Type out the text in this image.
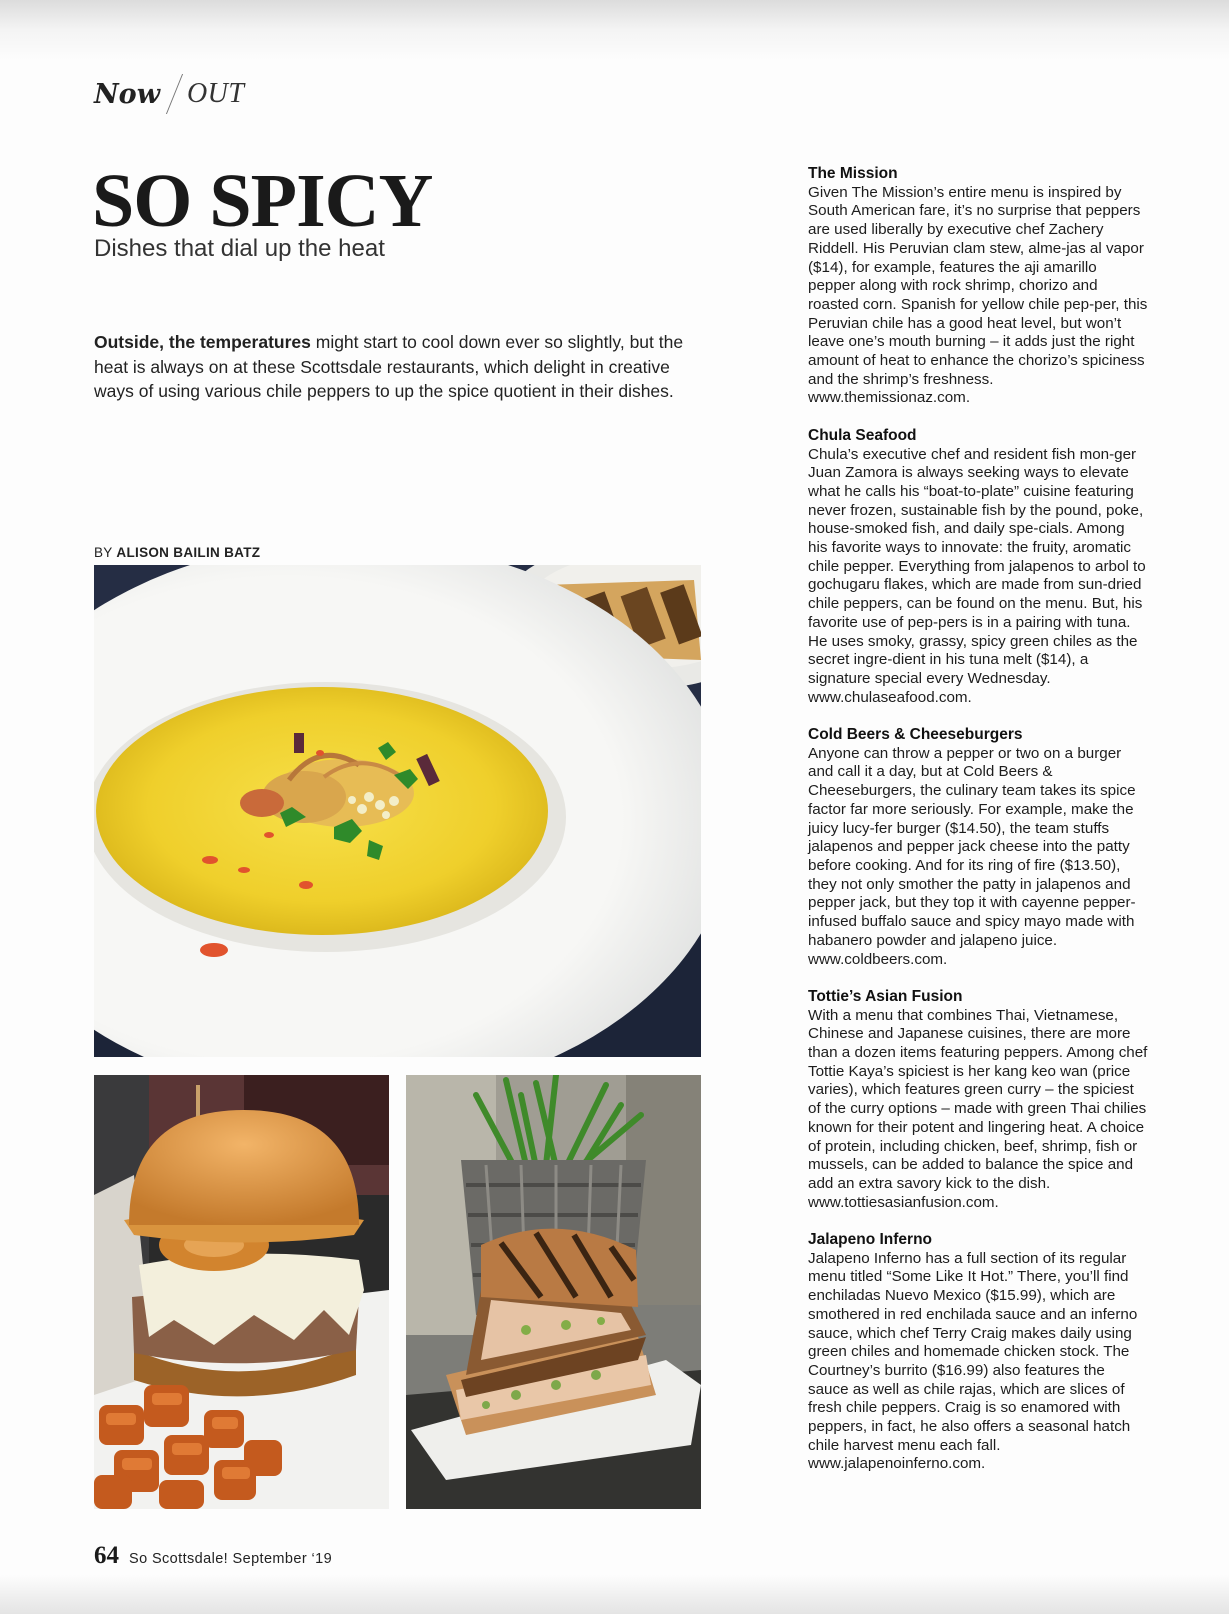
Now OUT
SO SPICY
Dishes that dial up the heat

Outside, the temperatures might start to cool down ever so slightly, but the heat is always on at these Scottsdale restaurants, which delight in creative ways of using various chile peppers to up the spice quotient in their dishes.

BY ALISON BAILIN BATZ
The Mission

Given The Mission’s entire menu is inspired by South American fare, it’s no surprise that peppers are used liberally by executive chef Zachery Riddell. His Peruvian clam stew, alme-jas al vapor ($14), for example, features the aji amarillo pepper along with rock shrimp, chorizo and roasted corn. Spanish for yellow chile pep-per, this Peruvian chile has a good heat level, but won’t leave one’s mouth burning – it adds just the right amount of heat to enhance the chorizo’s spiciness and the shrimp’s freshness. www.themissionaz.com.

Chula Seafood

Chula’s executive chef and resident fish mon-ger Juan Zamora is always seeking ways to elevate what he calls his “boat-to-plate” cuisine featuring never frozen, sustainable fish by the pound, poke, house-smoked fish, and daily spe-cials. Among his favorite ways to innovate: the fruity, aromatic chile pepper. Everything from jalapenos to arbol to gochugaru flakes, which are made from sun-dried chile peppers, can be found on the menu. But, his favorite use of pep-pers is in a pairing with tuna. He uses smoky, grassy, spicy green chiles as the secret ingre-dient in his tuna melt ($14), a signature special every Wednesday. www.chulaseafood.com.

Cold Beers & Cheeseburgers

Anyone can throw a pepper or two on a burger and call it a day, but at Cold Beers & Cheeseburgers, the culinary team takes its spice factor far more seriously. For example, make the juicy lucy-fer burger ($14.50), the team stuffs jalapenos and pepper jack cheese into the patty before cooking. And for its ring of fire ($13.50), they not only smother the patty in jalapenos and pepper jack, but they top it with cayenne pepper-infused buffalo sauce and spicy mayo made with habanero powder and jalapeno juice. www.coldbeers.com.

Tottie’s Asian Fusion

With a menu that combines Thai, Vietnamese, Chinese and Japanese cuisines, there are more than a dozen items featuring peppers. Among chef Tottie Kaya’s spiciest is her kang keo wan (price varies), which features green curry – the spiciest of the curry options – made with green Thai chilies known for their potent and lingering heat. A choice of protein, including chicken, beef, shrimp, fish or mussels, can be added to balance the spice and add an extra savory kick to the dish. www.tottiesasianfusion.com.

Jalapeno Inferno

Jalapeno Inferno has a full section of its regular menu titled “Some Like It Hot.” There, you’ll find enchiladas Nuevo Mexico ($15.99), which are smothered in red enchilada sauce and an inferno sauce, which chef Terry Craig makes daily using green chiles and homemade chicken stock. The Courtney’s burrito ($16.99) also features the sauce as well as chile rajas, which are slices of fresh chile peppers. Craig is so enamored with peppers, in fact, he also offers a seasonal hatch chile harvest menu each fall. www.jalapenoinferno.com.

64 So Scottsdale! September ‘19
